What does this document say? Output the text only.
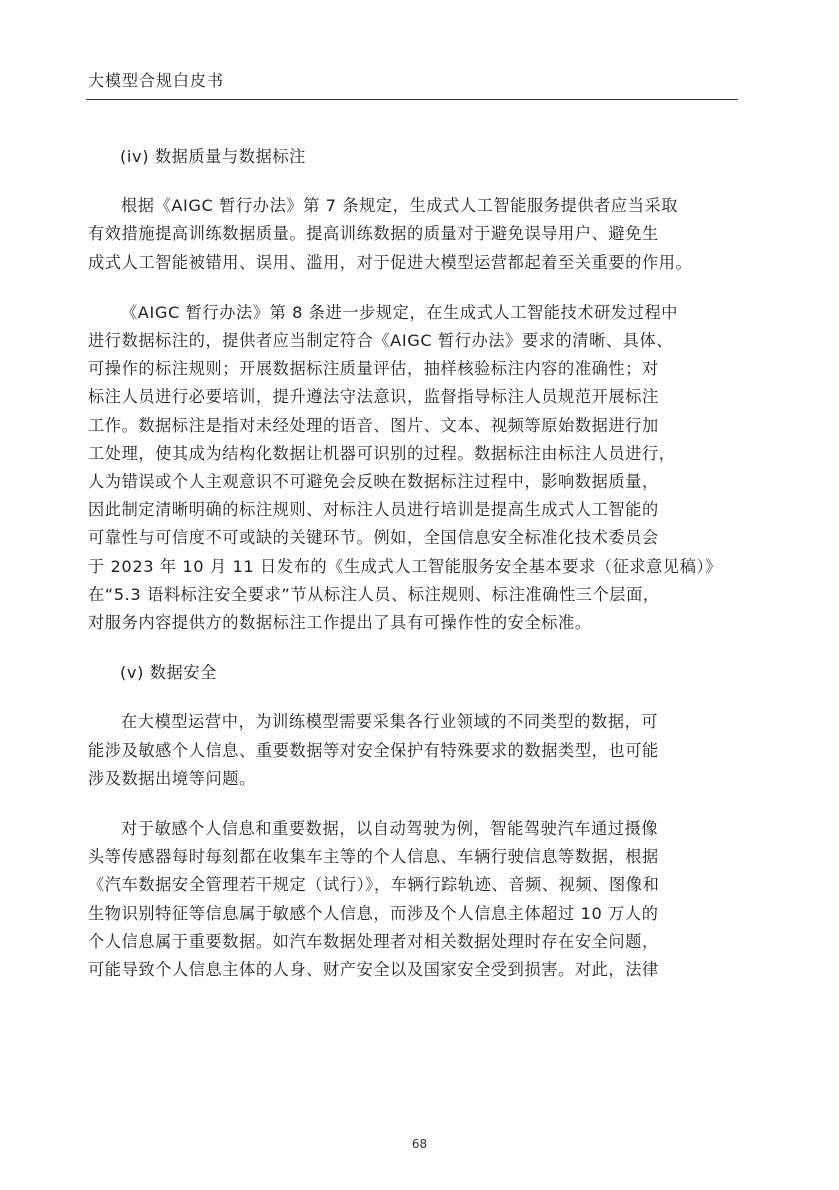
大模型合规白皮书
(iv) 数据质量与数据标注
根据《AIGC 暂行办法》第 7 条规定，生成式人工智能服务提供者应当采取
有效措施提高训练数据质量。提高训练数据的质量对于避免误导用户、避免生
成式人工智能被错用、误用、滥用，对于促进大模型运营都起着至关重要的作用。
《AIGC 暂行办法》第 8 条进一步规定，在生成式人工智能技术研发过程中
进行数据标注的，提供者应当制定符合《AIGC 暂行办法》要求的清晰、具体、
可操作的标注规则；开展数据标注质量评估，抽样核验标注内容的准确性；对
标注人员进行必要培训，提升遵法守法意识，监督指导标注人员规范开展标注
工作。数据标注是指对未经处理的语音、图片、文本、视频等原始数据进行加
工处理，使其成为结构化数据让机器可识别的过程。数据标注由标注人员进行，
人为错误或个人主观意识不可避免会反映在数据标注过程中，影响数据质量，
因此制定清晰明确的标注规则、对标注人员进行培训是提高生成式人工智能的
可靠性与可信度不可或缺的关键环节。例如，全国信息安全标准化技术委员会
于 2023 年 10 月 11 日发布的《生成式人工智能服务安全基本要求（征求意见稿）》
在“5.3 语料标注安全要求”节从标注人员、标注规则、标注准确性三个层面，
对服务内容提供方的数据标注工作提出了具有可操作性的安全标准。
(v) 数据安全
在大模型运营中，为训练模型需要采集各行业领域的不同类型的数据，可
能涉及敏感个人信息、重要数据等对安全保护有特殊要求的数据类型，也可能
涉及数据出境等问题。
对于敏感个人信息和重要数据，以自动驾驶为例，智能驾驶汽车通过摄像
头等传感器每时每刻都在收集车主等的个人信息、车辆行驶信息等数据，根据
《汽车数据安全管理若干规定（试行）》，车辆行踪轨迹、音频、视频、图像和
生物识别特征等信息属于敏感个人信息，而涉及个人信息主体超过 10 万人的
个人信息属于重要数据。如汽车数据处理者对相关数据处理时存在安全问题，
可能导致个人信息主体的人身、财产安全以及国家安全受到损害。对此，法律
68
